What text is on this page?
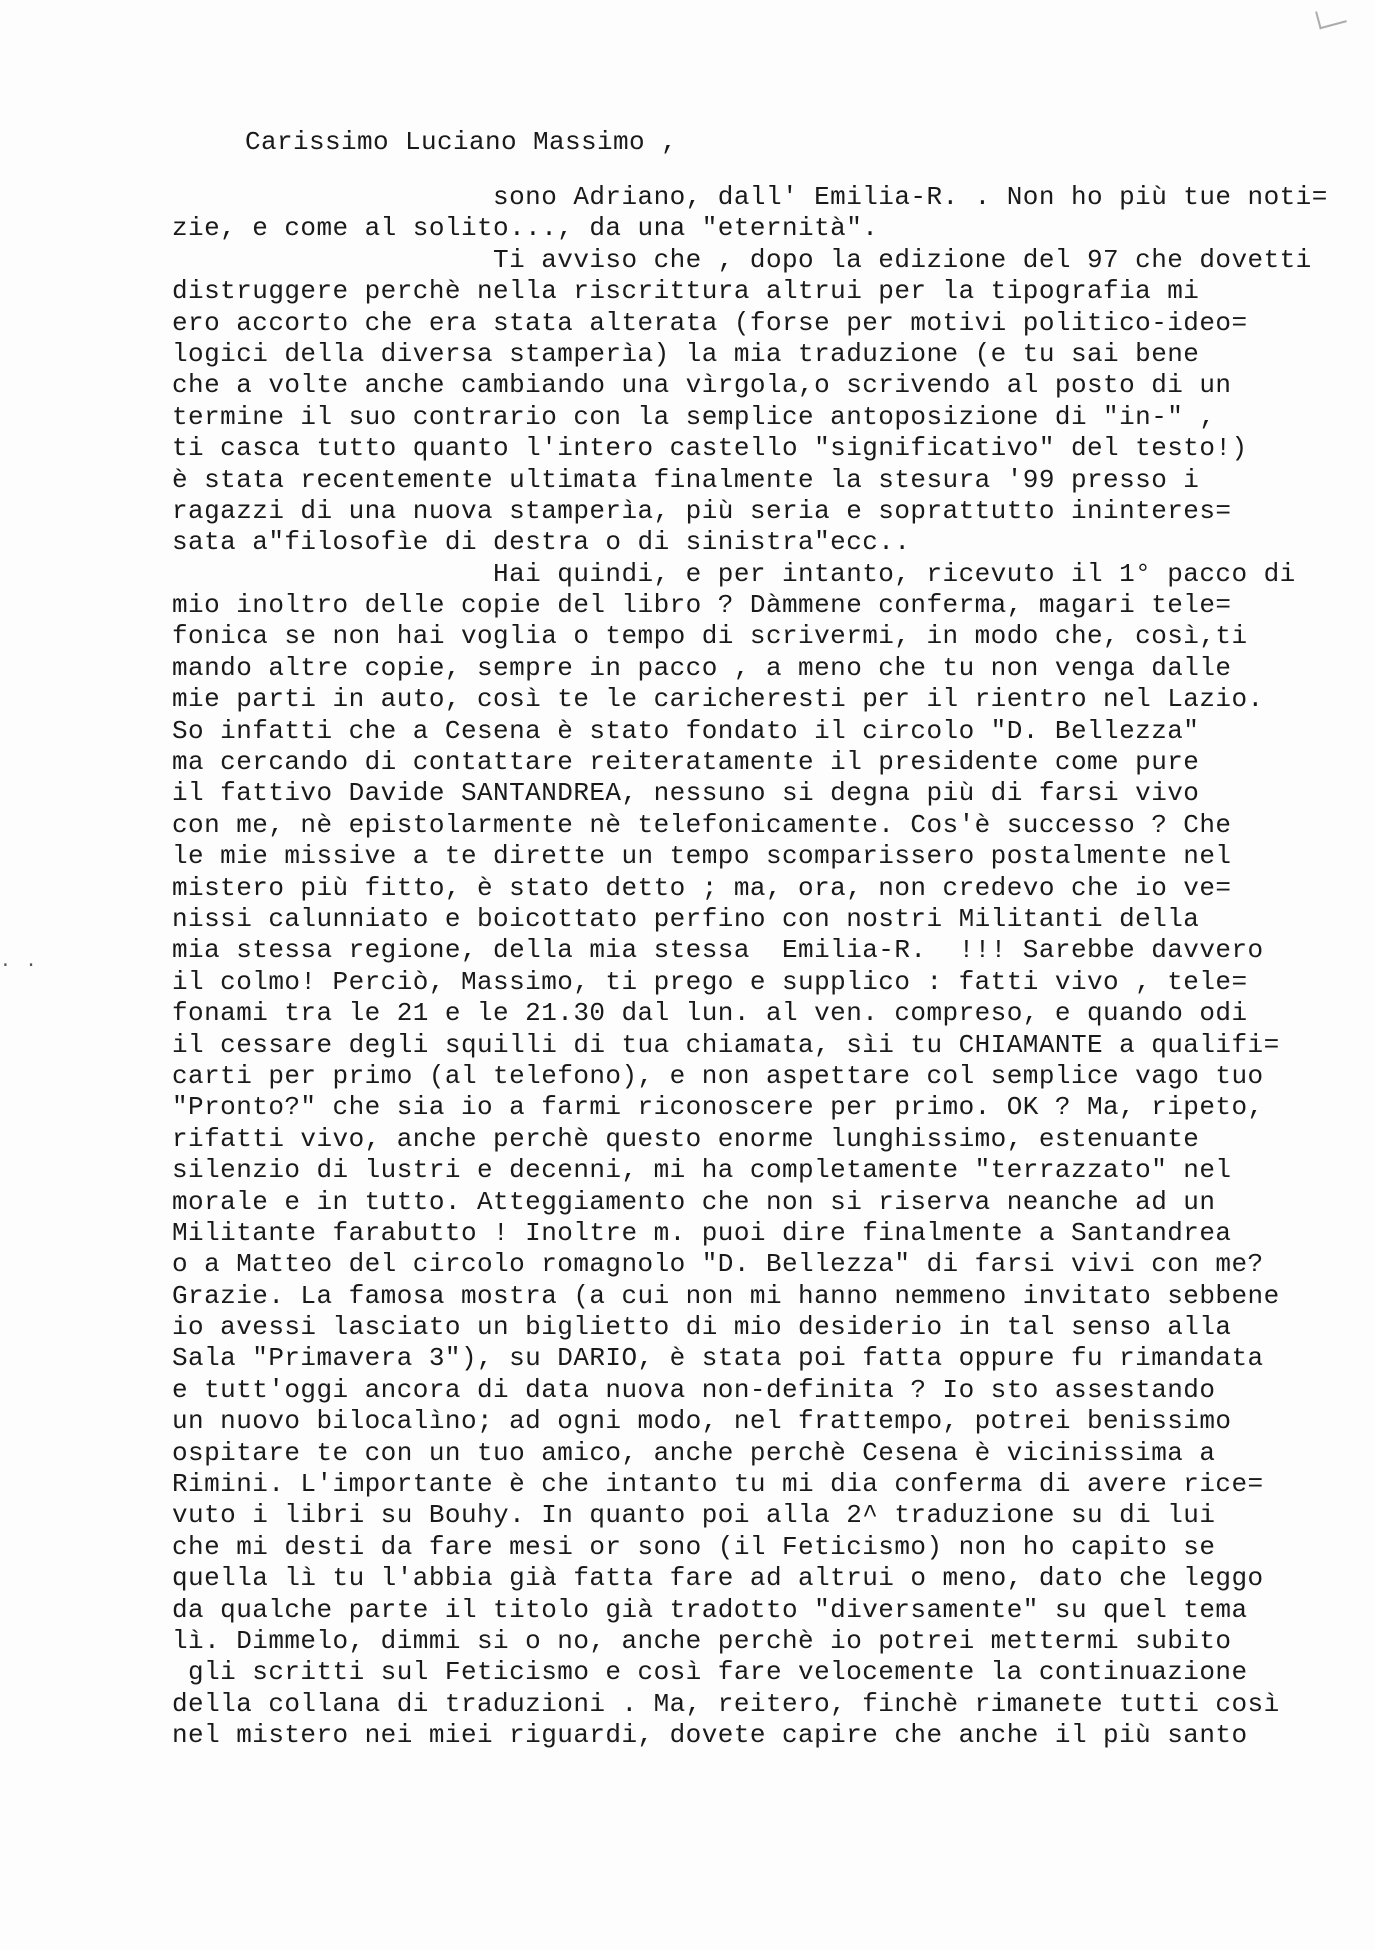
. .
Carissimo Luciano Massimo ,
sono Adriano, dall' Emilia-R. . Non ho più tue noti=
zie, e come al solito..., da una "eternità".
Ti avviso che , dopo la edizione del 97 che dovetti
distruggere perchè nella riscrittura altrui per la tipografia mi
ero accorto che era stata alterata (forse per motivi politico-ideo=
logici della diversa stamperìa) la mia traduzione (e tu sai bene
che a volte anche cambiando una vìrgola,o scrivendo al posto di un
termine il suo contrario con la semplice antoposizione di "in-" ,
ti casca tutto quanto l'intero castello "significativo" del testo!)
è stata recentemente ultimata finalmente la stesura '99 presso i
ragazzi di una nuova stamperìa, più seria e soprattutto ininteres=
sata a"filosofìe di destra o di sinistra"ecc..
Hai quindi, e per intanto, ricevuto il 1° pacco di
mio inoltro delle copie del libro ? Dàmmene conferma, magari tele=
fonica se non hai voglia o tempo di scrivermi, in modo che, così,ti
mando altre copie, sempre in pacco , a meno che tu non venga dalle
mie parti in auto, così te le caricheresti per il rientro nel Lazio.
So infatti che a Cesena è stato fondato il circolo "D. Bellezza"
ma cercando di contattare reiteratamente il presidente come pure
il fattivo Davide SANTANDREA, nessuno si degna più di farsi vivo
con me, nè epistolarmente nè telefonicamente. Cos'è successo ? Che
le mie missive a te dirette un tempo scomparissero postalmente nel
mistero più fitto, è stato detto ; ma, ora, non credevo che io ve=
nissi calunniato e boicottato perfino con nostri Militanti della
mia stessa regione, della mia stessa  Emilia-R.  !!! Sarebbe davvero
il colmo! Perciò, Massimo, ti prego e supplico : fatti vivo , tele=
fonami tra le 21 e le 21.30 dal lun. al ven. compreso, e quando odi
il cessare degli squilli di tua chiamata, sìi tu CHIAMANTE a qualifi=
carti per primo (al telefono), e non aspettare col semplice vago tuo
"Pronto?" che sia io a farmi riconoscere per primo. OK ? Ma, ripeto,
rifatti vivo, anche perchè questo enorme lunghissimo, estenuante
silenzio di lustri e decenni, mi ha completamente "terrazzato" nel
morale e in tutto. Atteggiamento che non si riserva neanche ad un
Militante farabutto ! Inoltre m. puoi dire finalmente a Santandrea
o a Matteo del circolo romagnolo "D. Bellezza" di farsi vivi con me?
Grazie. La famosa mostra (a cui non mi hanno nemmeno invitato sebbene
io avessi lasciato un biglietto di mio desiderio in tal senso alla
Sala "Primavera 3"), su DARIO, è stata poi fatta oppure fu rimandata
e tutt'oggi ancora di data nuova non-definita ? Io sto assestando
un nuovo bilocalìno; ad ogni modo, nel frattempo, potrei benissimo
ospitare te con un tuo amico, anche perchè Cesena è vicinissima a
Rimini. L'importante è che intanto tu mi dia conferma di avere rice=
vuto i libri su Bouhy. In quanto poi alla 2^ traduzione su di lui
che mi desti da fare mesi or sono (il Feticismo) non ho capito se
quella lì tu l'abbia già fatta fare ad altrui o meno, dato che leggo
da qualche parte il titolo già tradotto "diversamente" su quel tema
lì. Dimmelo, dimmi si o no, anche perchè io potrei mettermi subito
gli scritti sul Feticismo e così fare velocemente la continuazione
della collana di traduzioni . Ma, reitero, finchè rimanete tutti così
nel mistero nei miei riguardi, dovete capire che anche il più santo
